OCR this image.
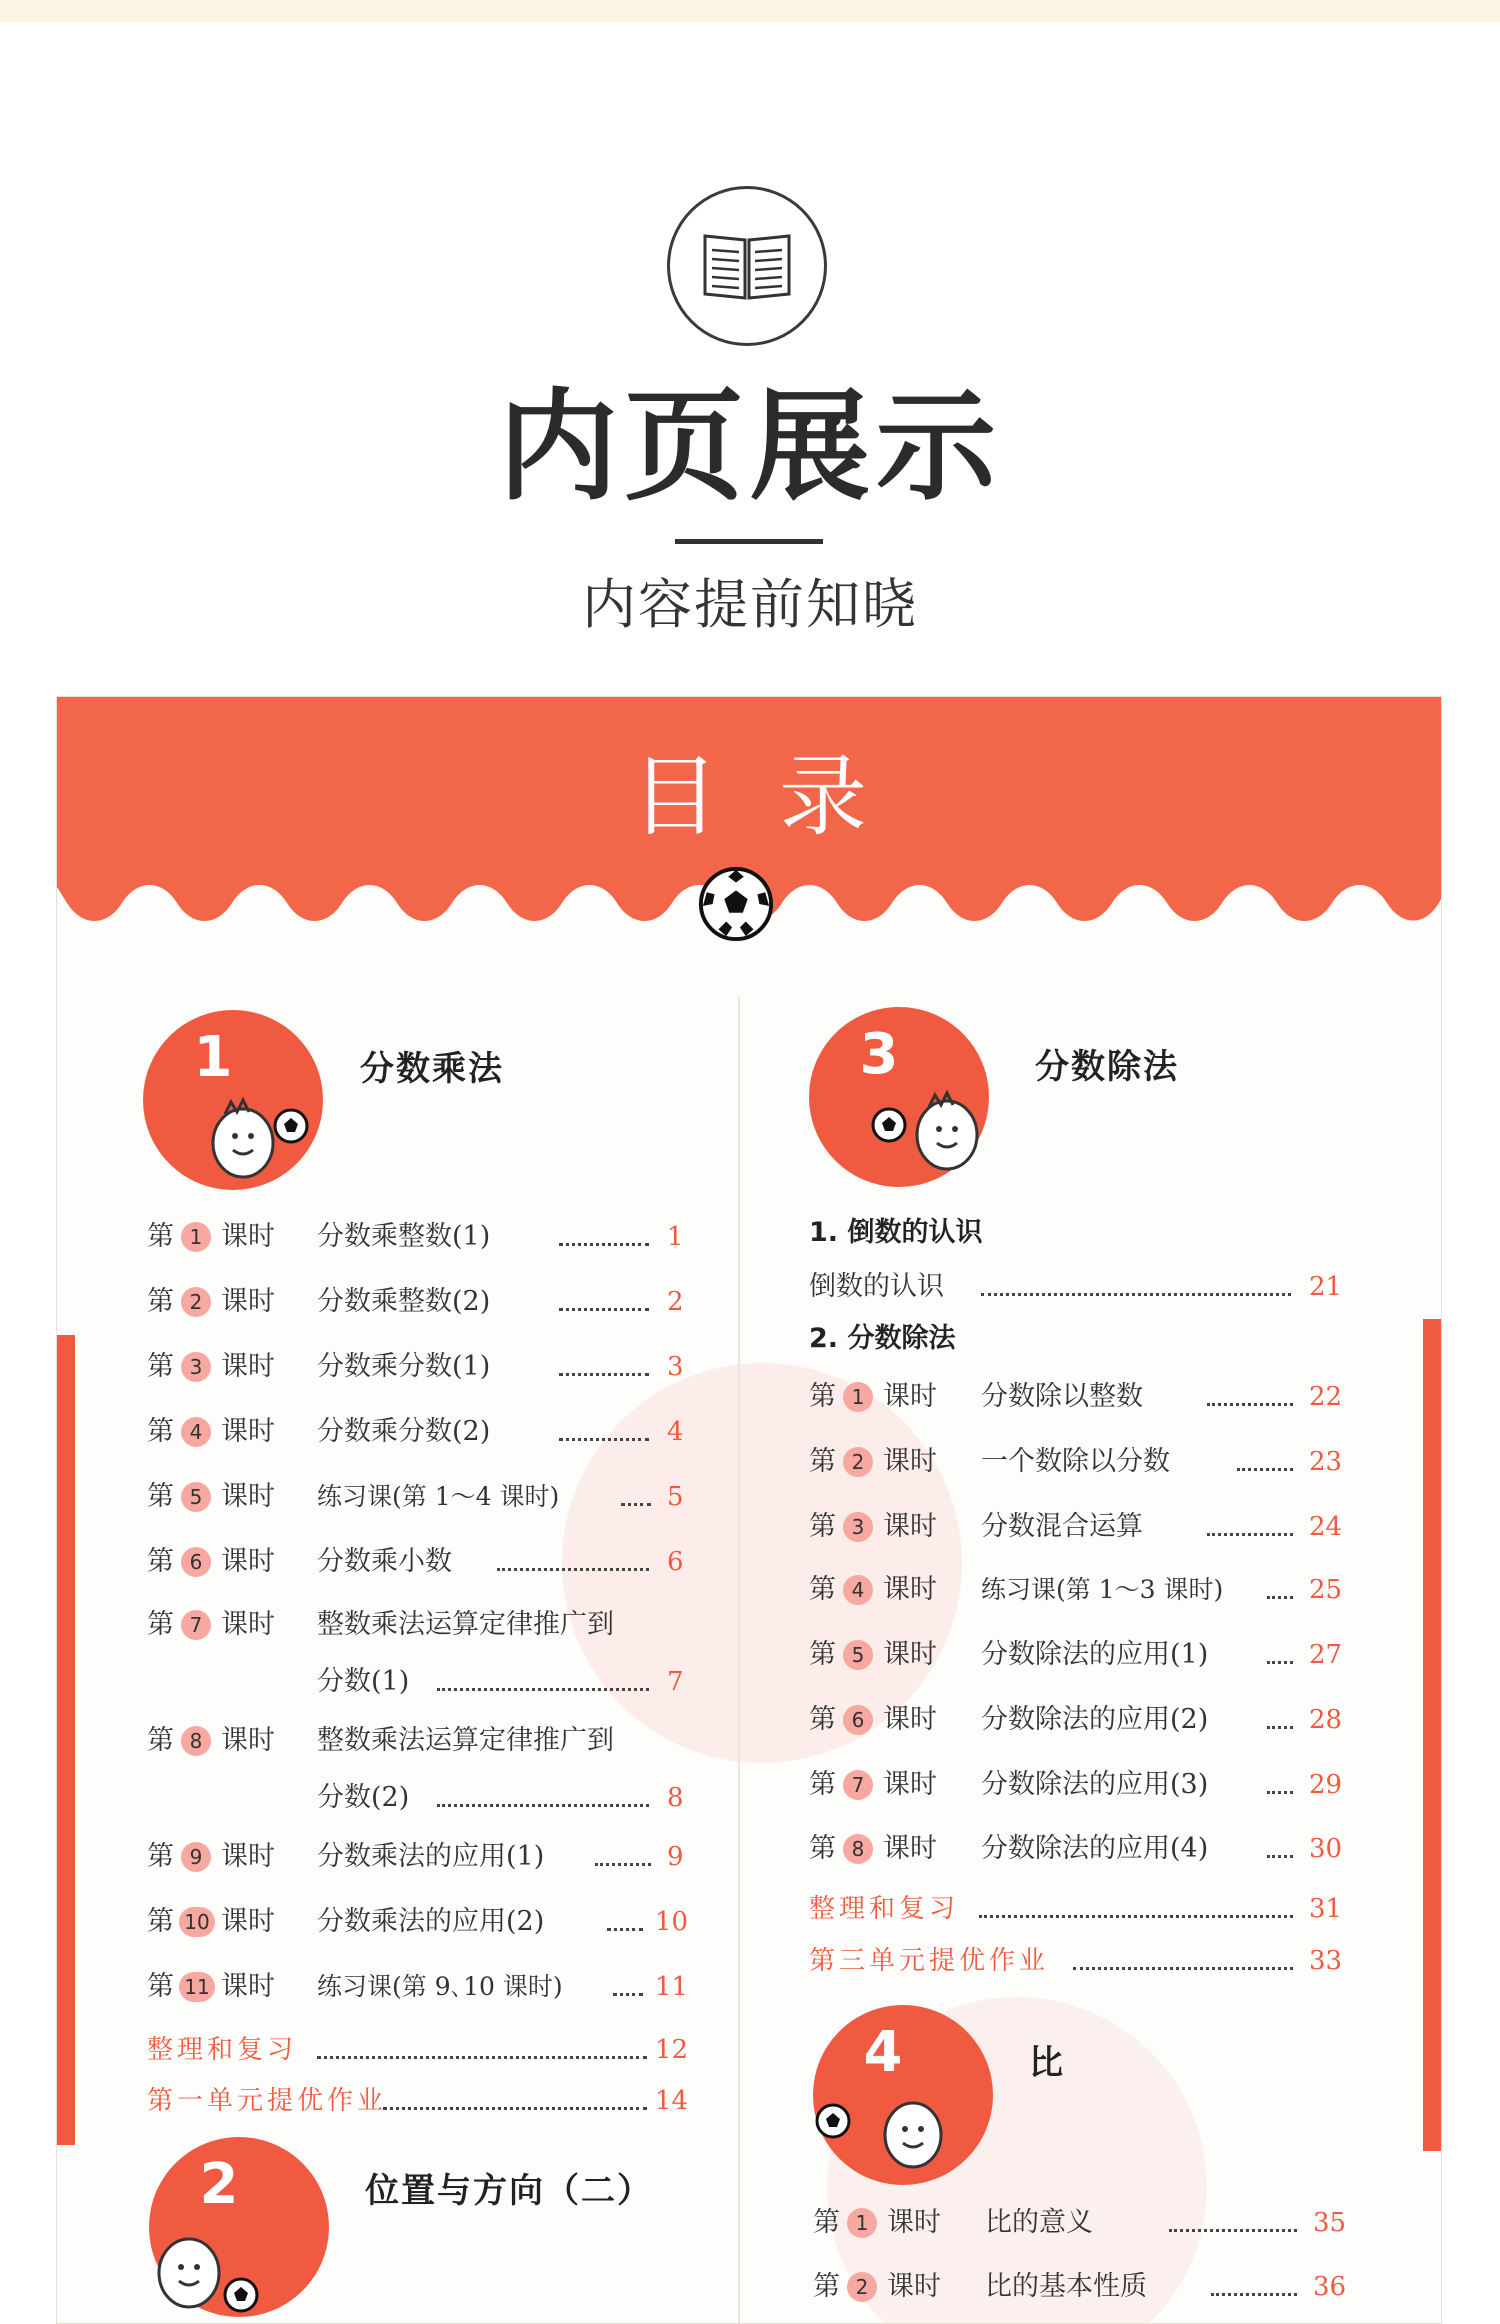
内页展示
内容提前知晓
目录
1	分数乘法	3	分数除法
4	比
2	位置与方向（二）
第 1 课时 分数乘整数(1)	1
第 2 课时 分数乘整数(2)	2
第 3 课时 分数乘分数(1)	3
第 4 课时 分数乘分数(2)	4
第 5 课时 练习课(第 1～4 课时)	5
第 6 课时 分数乘小数	6
第 7 课时 整数乘法运算定律推广到
分数(1)	7
第 8 课时 整数乘法运算定律推广到
分数(2)	8
第 9 课时 分数乘法的应用(1)	9
第 10 课时 分数乘法的应用(2)	10
第 11 课时 练习课(第 9､10 课时)	11
整理和复习	12
第一单元提优作业	14
1. 倒数的认识
倒数的认识	21
2. 分数除法
第 1 课时 分数除以整数	22
第 2 课时 一个数除以分数	23
第 3 课时 分数混合运算	24
第 4 课时 练习课(第 1～3 课时)	25
第 5 课时 分数除法的应用(1)	27
第 6 课时 分数除法的应用(2)	28
第 7 课时 分数除法的应用(3)	29
第 8 课时 分数除法的应用(4)	30
整理和复习	31
第三单元提优作业	33
第 1 课时 比的意义	35
第 2 课时 比的基本性质	36
